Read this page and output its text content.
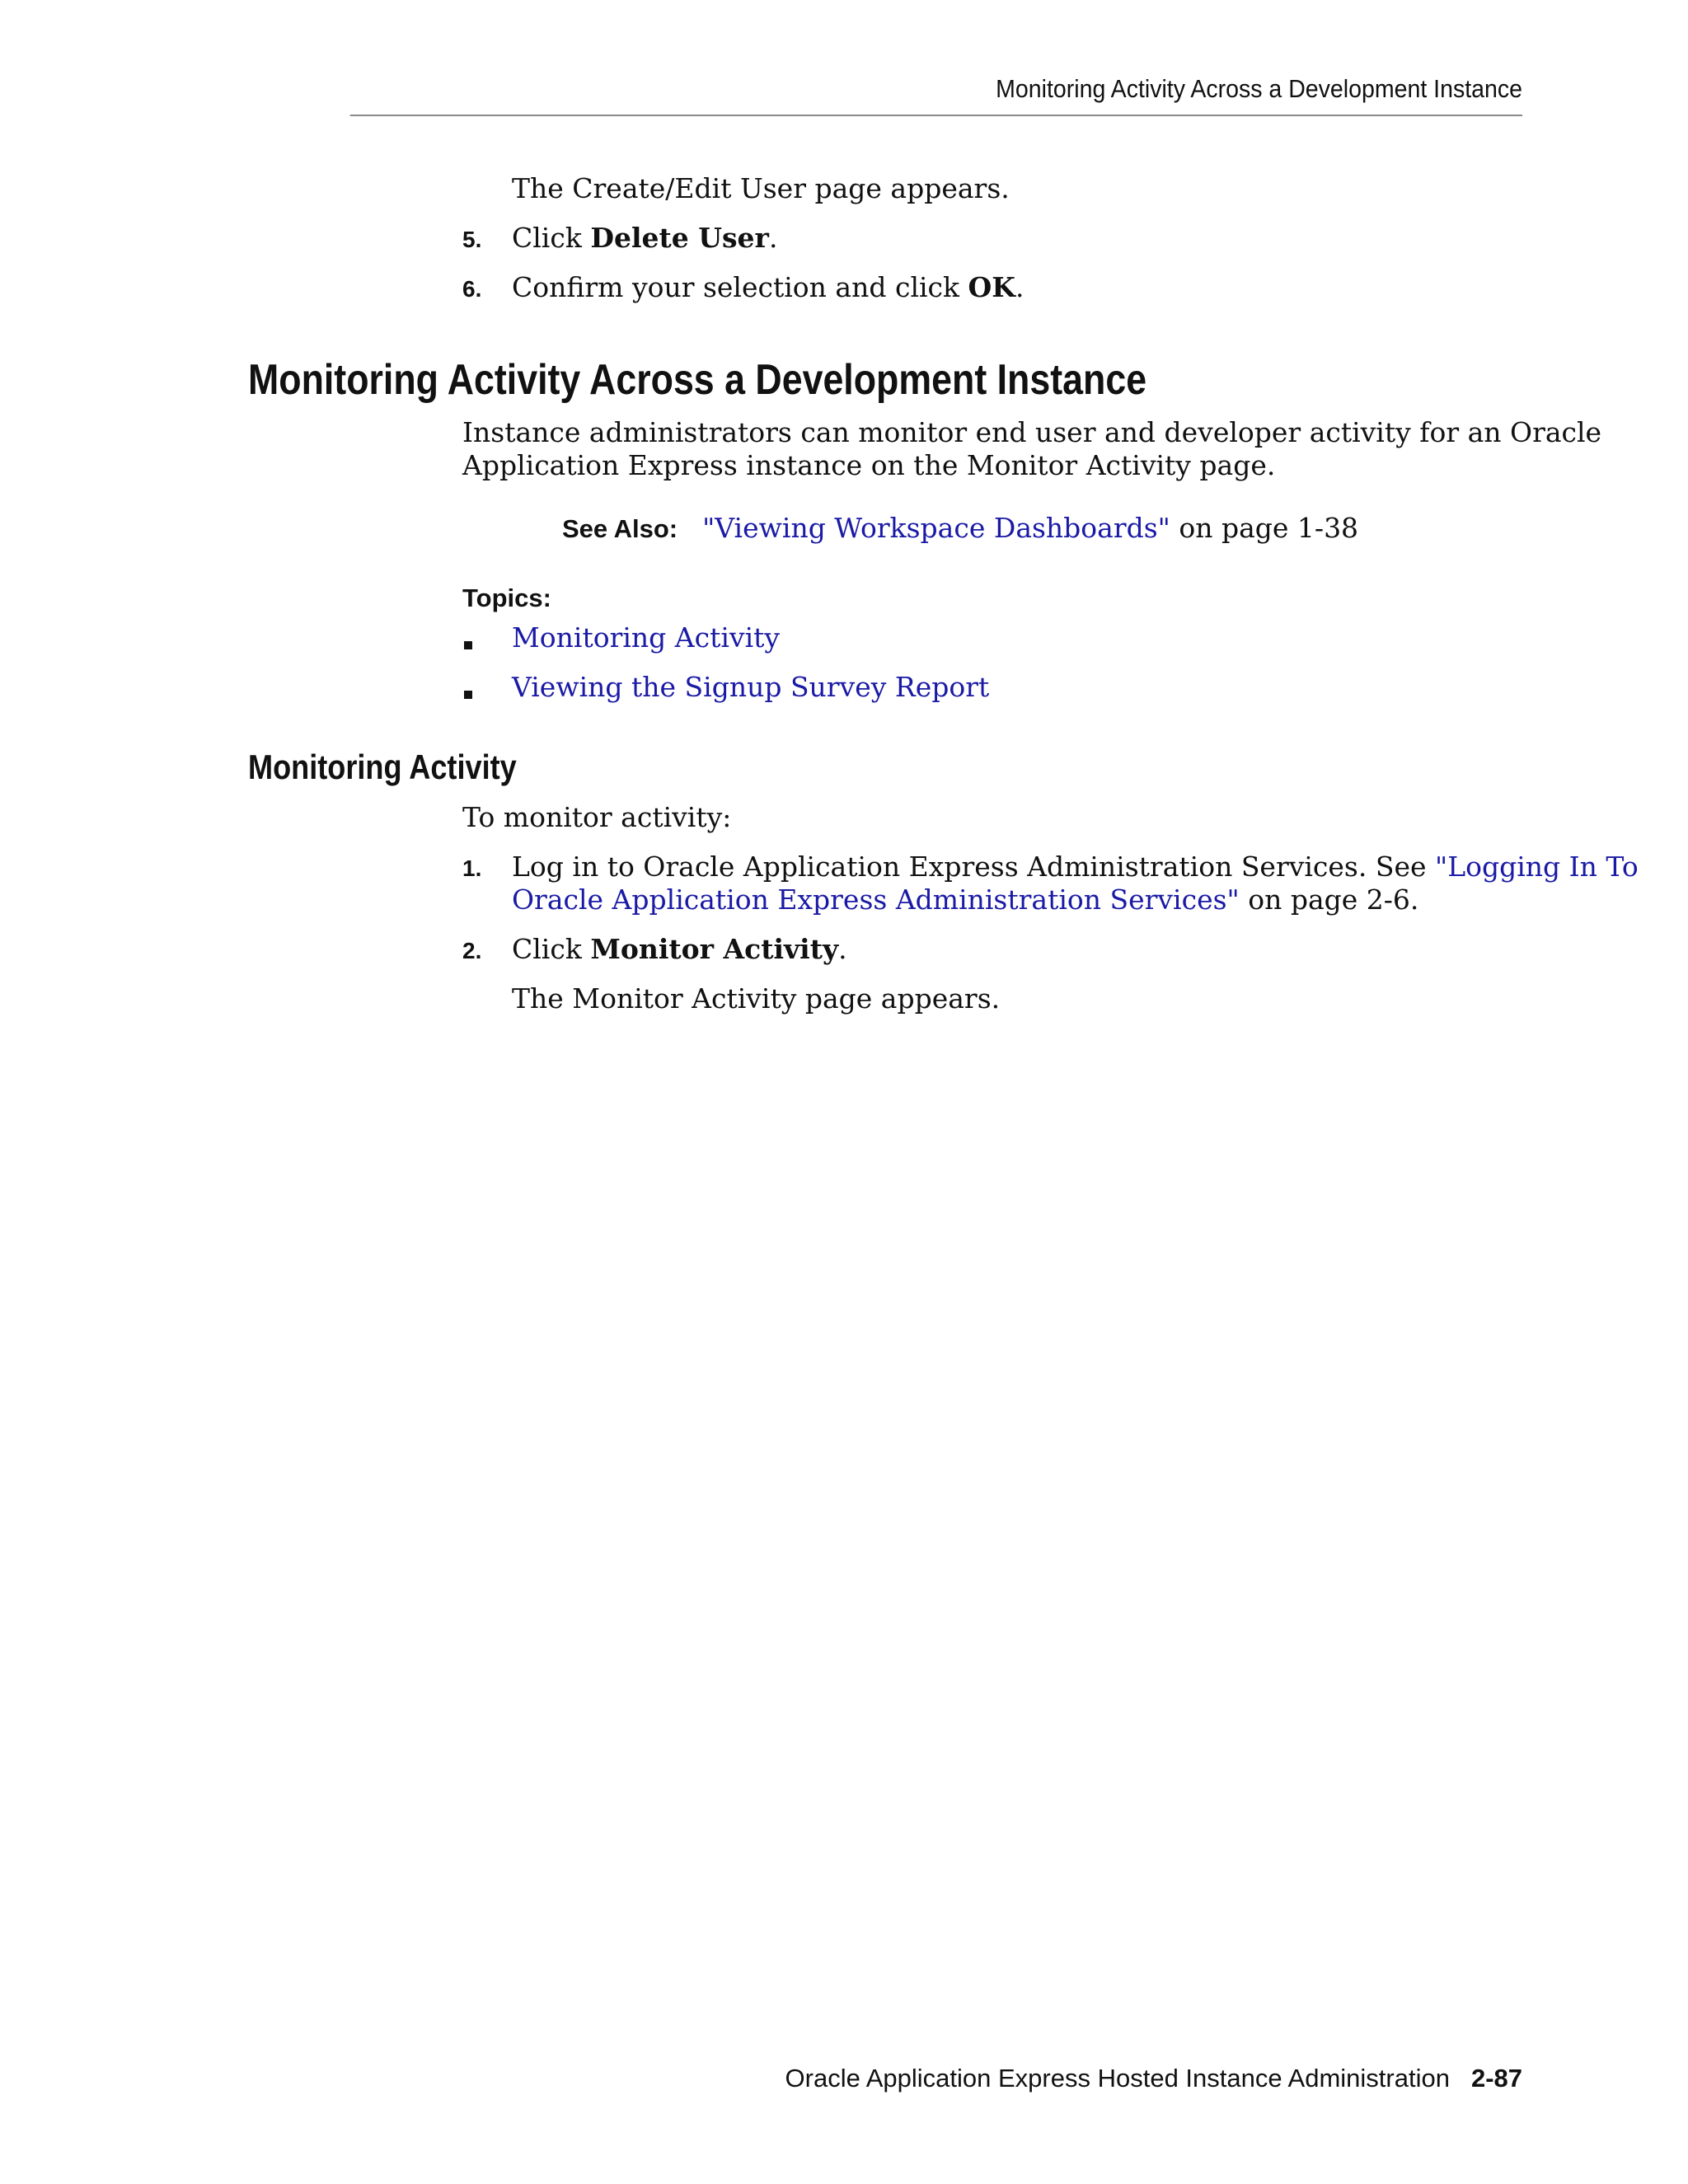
Monitoring Activity Across a Development Instance
The Create/Edit User page appears.
5. Click Delete User.
6. Confirm your selection and click OK.
Monitoring Activity Across a Development Instance
Instance administrators can monitor end user and developer activity for an Oracle
Application Express instance on the Monitor Activity page.
See Also: "Viewing Workspace Dashboards" on page 1-38
Topics:
Monitoring Activity
Viewing the Signup Survey Report
Monitoring Activity
To monitor activity:
1. Log in to Oracle Application Express Administration Services. See "Logging In To
Oracle Application Express Administration Services" on page 2-6.
2. Click Monitor Activity.
The Monitor Activity page appears.
Oracle Application Express Hosted Instance Administration 2-87
